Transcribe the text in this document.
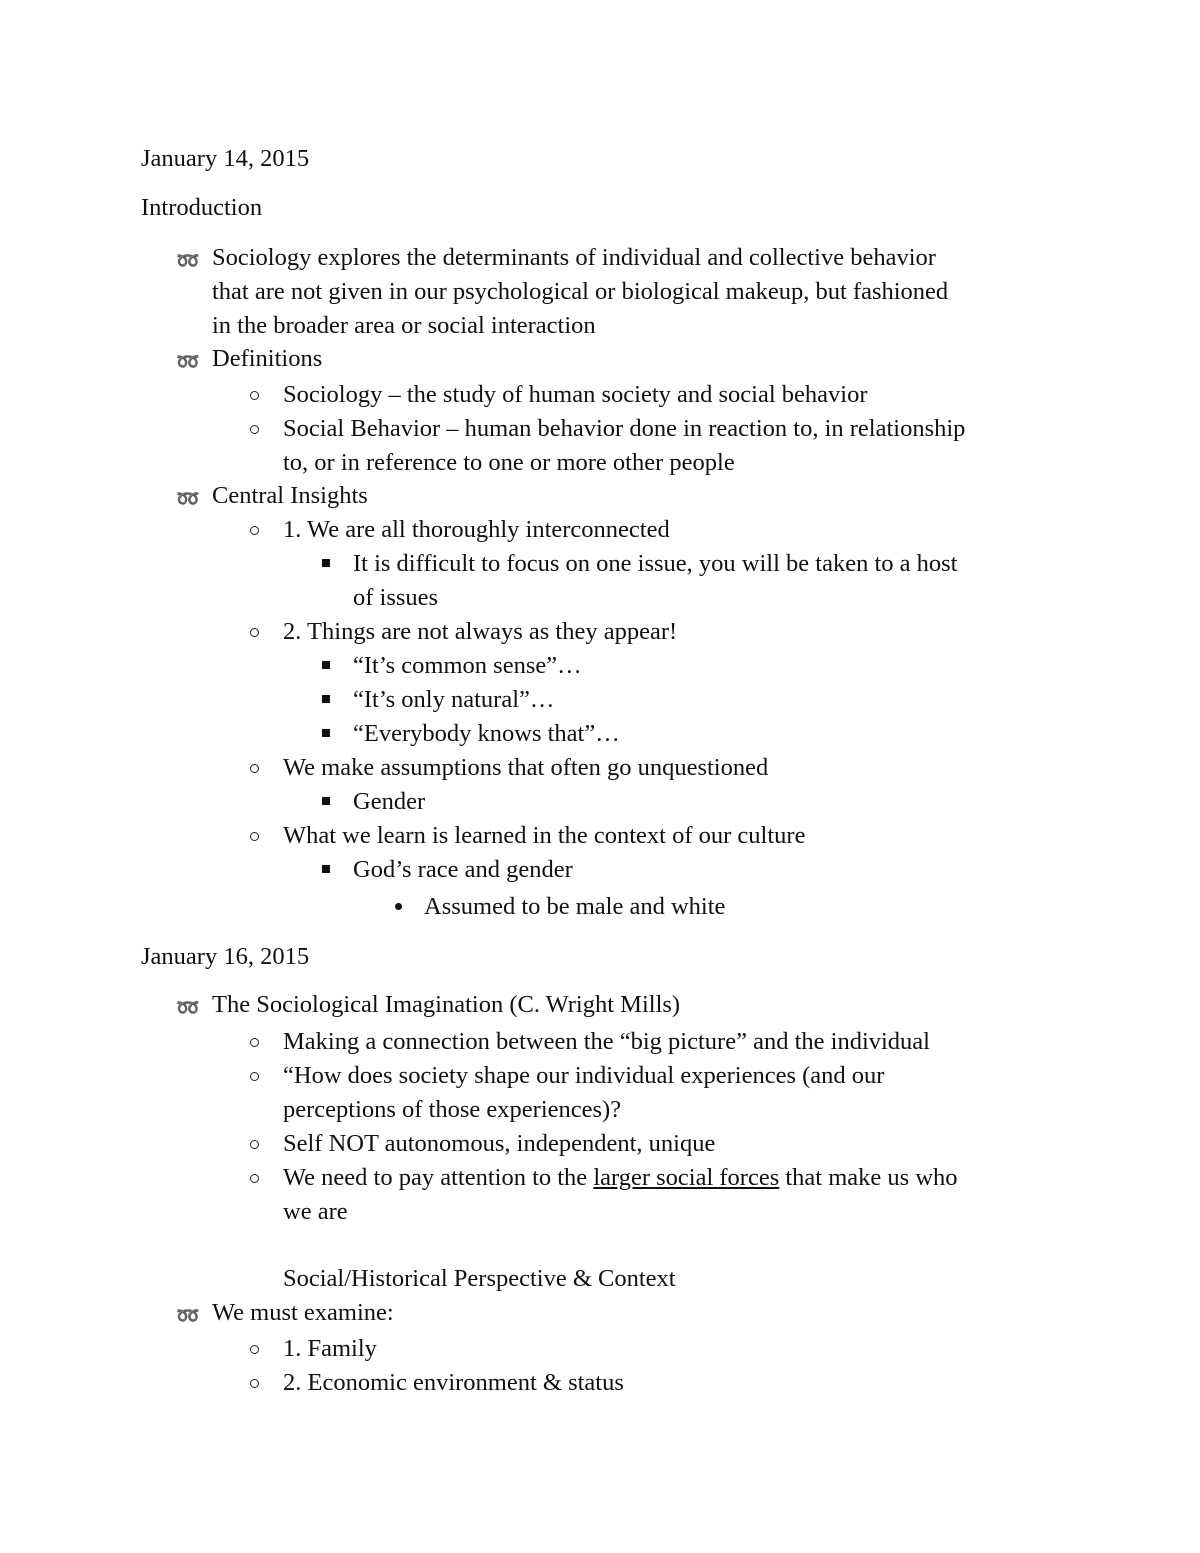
January 14, 2015
Introduction
➿ Sociology explores the determinants of individual and collective behavior
that are not given in our psychological or biological makeup, but fashioned
in the broader area or social interaction
➿ Definitions
Sociology – the study of human society and social behavior
Social Behavior – human behavior done in reaction to, in relationship
to, or in reference to one or more other people
➿ Central Insights
1. We are all thoroughly interconnected
It is difficult to focus on one issue, you will be taken to a host
of issues
2. Things are not always as they appear!
“It’s common sense”…
“It’s only natural”…
“Everybody knows that”…
We make assumptions that often go unquestioned
Gender
What we learn is learned in the context of our culture
God’s race and gender
Assumed to be male and white
January 16, 2015
➿ The Sociological Imagination (C. Wright Mills)
Making a connection between the “big picture” and the individual
“How does society shape our individual experiences (and our
perceptions of those experiences)?
Self NOT autonomous, independent, unique
We need to pay attention to the larger social forces that make us who
we are
Social/Historical Perspective & Context
➿ We must examine:
1. Family
2. Economic environment & status
